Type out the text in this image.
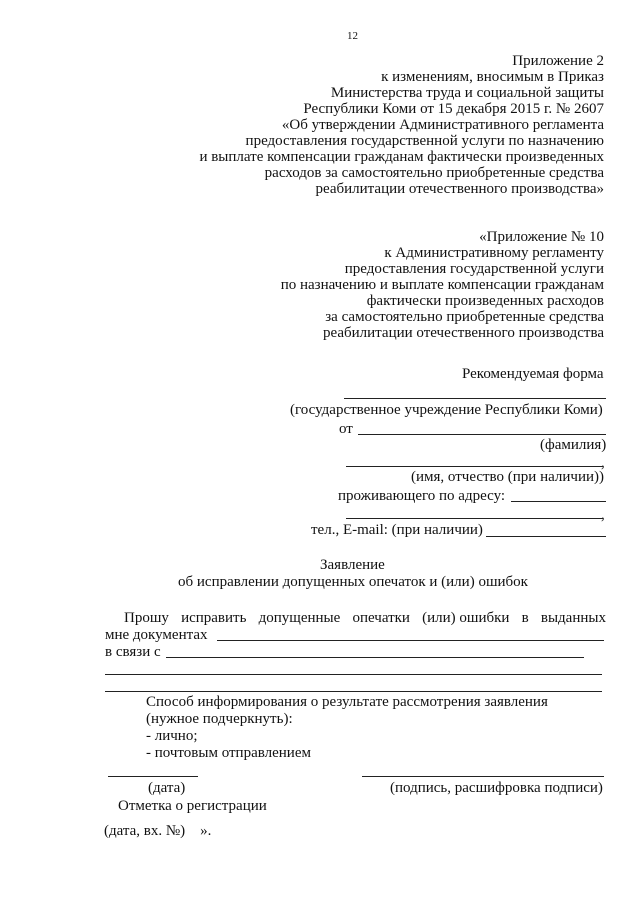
12
Приложение 2
к изменениям, вносимым в Приказ
Министерства труда и социальной защиты
Республики Коми от 15 декабря 2015 г. № 2607
«Об утверждении Административного регламента
предоставления государственной услуги по назначению
и выплате компенсации гражданам фактически произведенных
расходов за самостоятельно приобретенные средства
реабилитации отечественного производства»
«Приложение № 10
к Административному регламенту
предоставления государственной услуги
по назначению и выплате компенсации гражданам
фактически произведенных расходов
за самостоятельно приобретенные средства
реабилитации отечественного производства
Рекомендуемая форма
(государственное учреждение Республики Коми)
от
(фамилия)
,
(имя, отчество (при наличии))
проживающего по адресу:
,
тел., E-mail: (при наличии)
Заявление
об исправлении допущенных опечаток и (или) ошибок
Прошу исправить допущенные опечатки (или) ошибки в выданных
мне документах
в связи с
Способ информирования о результате рассмотрения заявления
(нужное подчеркнуть):
- лично;
- почтовым отправлением
(дата)	(подпись, расшифровка подписи)
Отметка о регистрации
(дата, вх. №)    ».
